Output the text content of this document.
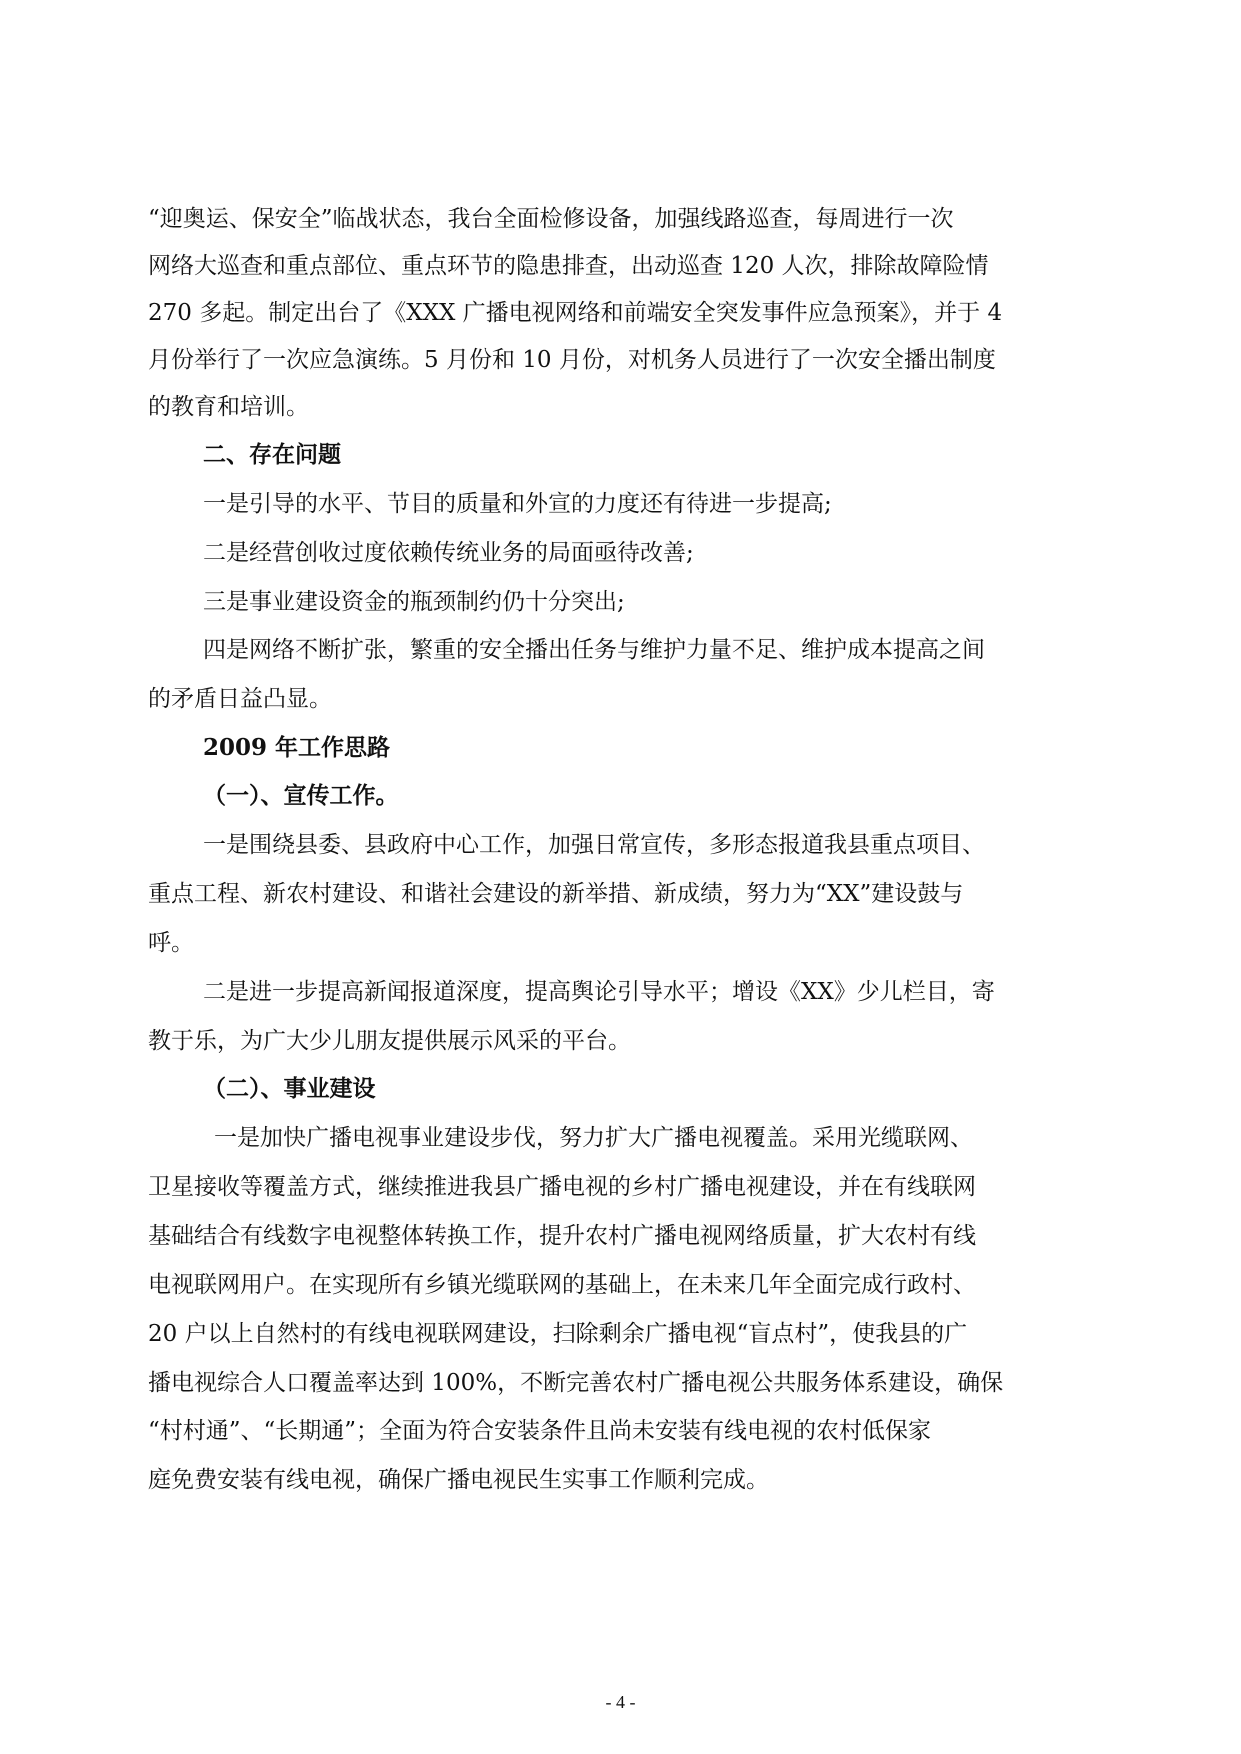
“迎奥运、保安全”临战状态，我台全面检修设备，加强线路巡查，每周进行一次
网络大巡查和重点部位、重点环节的隐患排查，出动巡查 120 人次，排除故障险情
270 多起。制定出台了《XXX 广播电视网络和前端安全突发事件应急预案》，并于 4
月份举行了一次应急演练。5 月份和 10 月份，对机务人员进行了一次安全播出制度
的教育和培训。
二、存在问题
一是引导的水平、节目的质量和外宣的力度还有待进一步提高;
二是经营创收过度依赖传统业务的局面亟待改善;
三是事业建设资金的瓶颈制约仍十分突出;
四是网络不断扩张，繁重的安全播出任务与维护力量不足、维护成本提高之间
的矛盾日益凸显。
2009 年工作思路
（一）、宣传工作。
一是围绕县委、县政府中心工作，加强日常宣传，多形态报道我县重点项目、
重点工程、新农村建设、和谐社会建设的新举措、新成绩，努力为“XX”建设鼓与
呼。
二是进一步提高新闻报道深度，提高舆论引导水平；增设《XX》少儿栏目，寄
教于乐，为广大少儿朋友提供展示风采的平台。
（二）、事业建设
一是加快广播电视事业建设步伐，努力扩大广播电视覆盖。采用光缆联网、
卫星接收等覆盖方式，继续推进我县广播电视的乡村广播电视建设，并在有线联网
基础结合有线数字电视整体转换工作，提升农村广播电视网络质量，扩大农村有线
电视联网用户。在实现所有乡镇光缆联网的基础上，在未来几年全面完成行政村、
20 户以上自然村的有线电视联网建设，扫除剩余广播电视“盲点村”，使我县的广
播电视综合人口覆盖率达到 100%，不断完善农村广播电视公共服务体系建设，确保
“村村通”、“长期通”；全面为符合安装条件且尚未安装有线电视的农村低保家
庭免费安装有线电视，确保广播电视民生实事工作顺利完成。
- 4 -
